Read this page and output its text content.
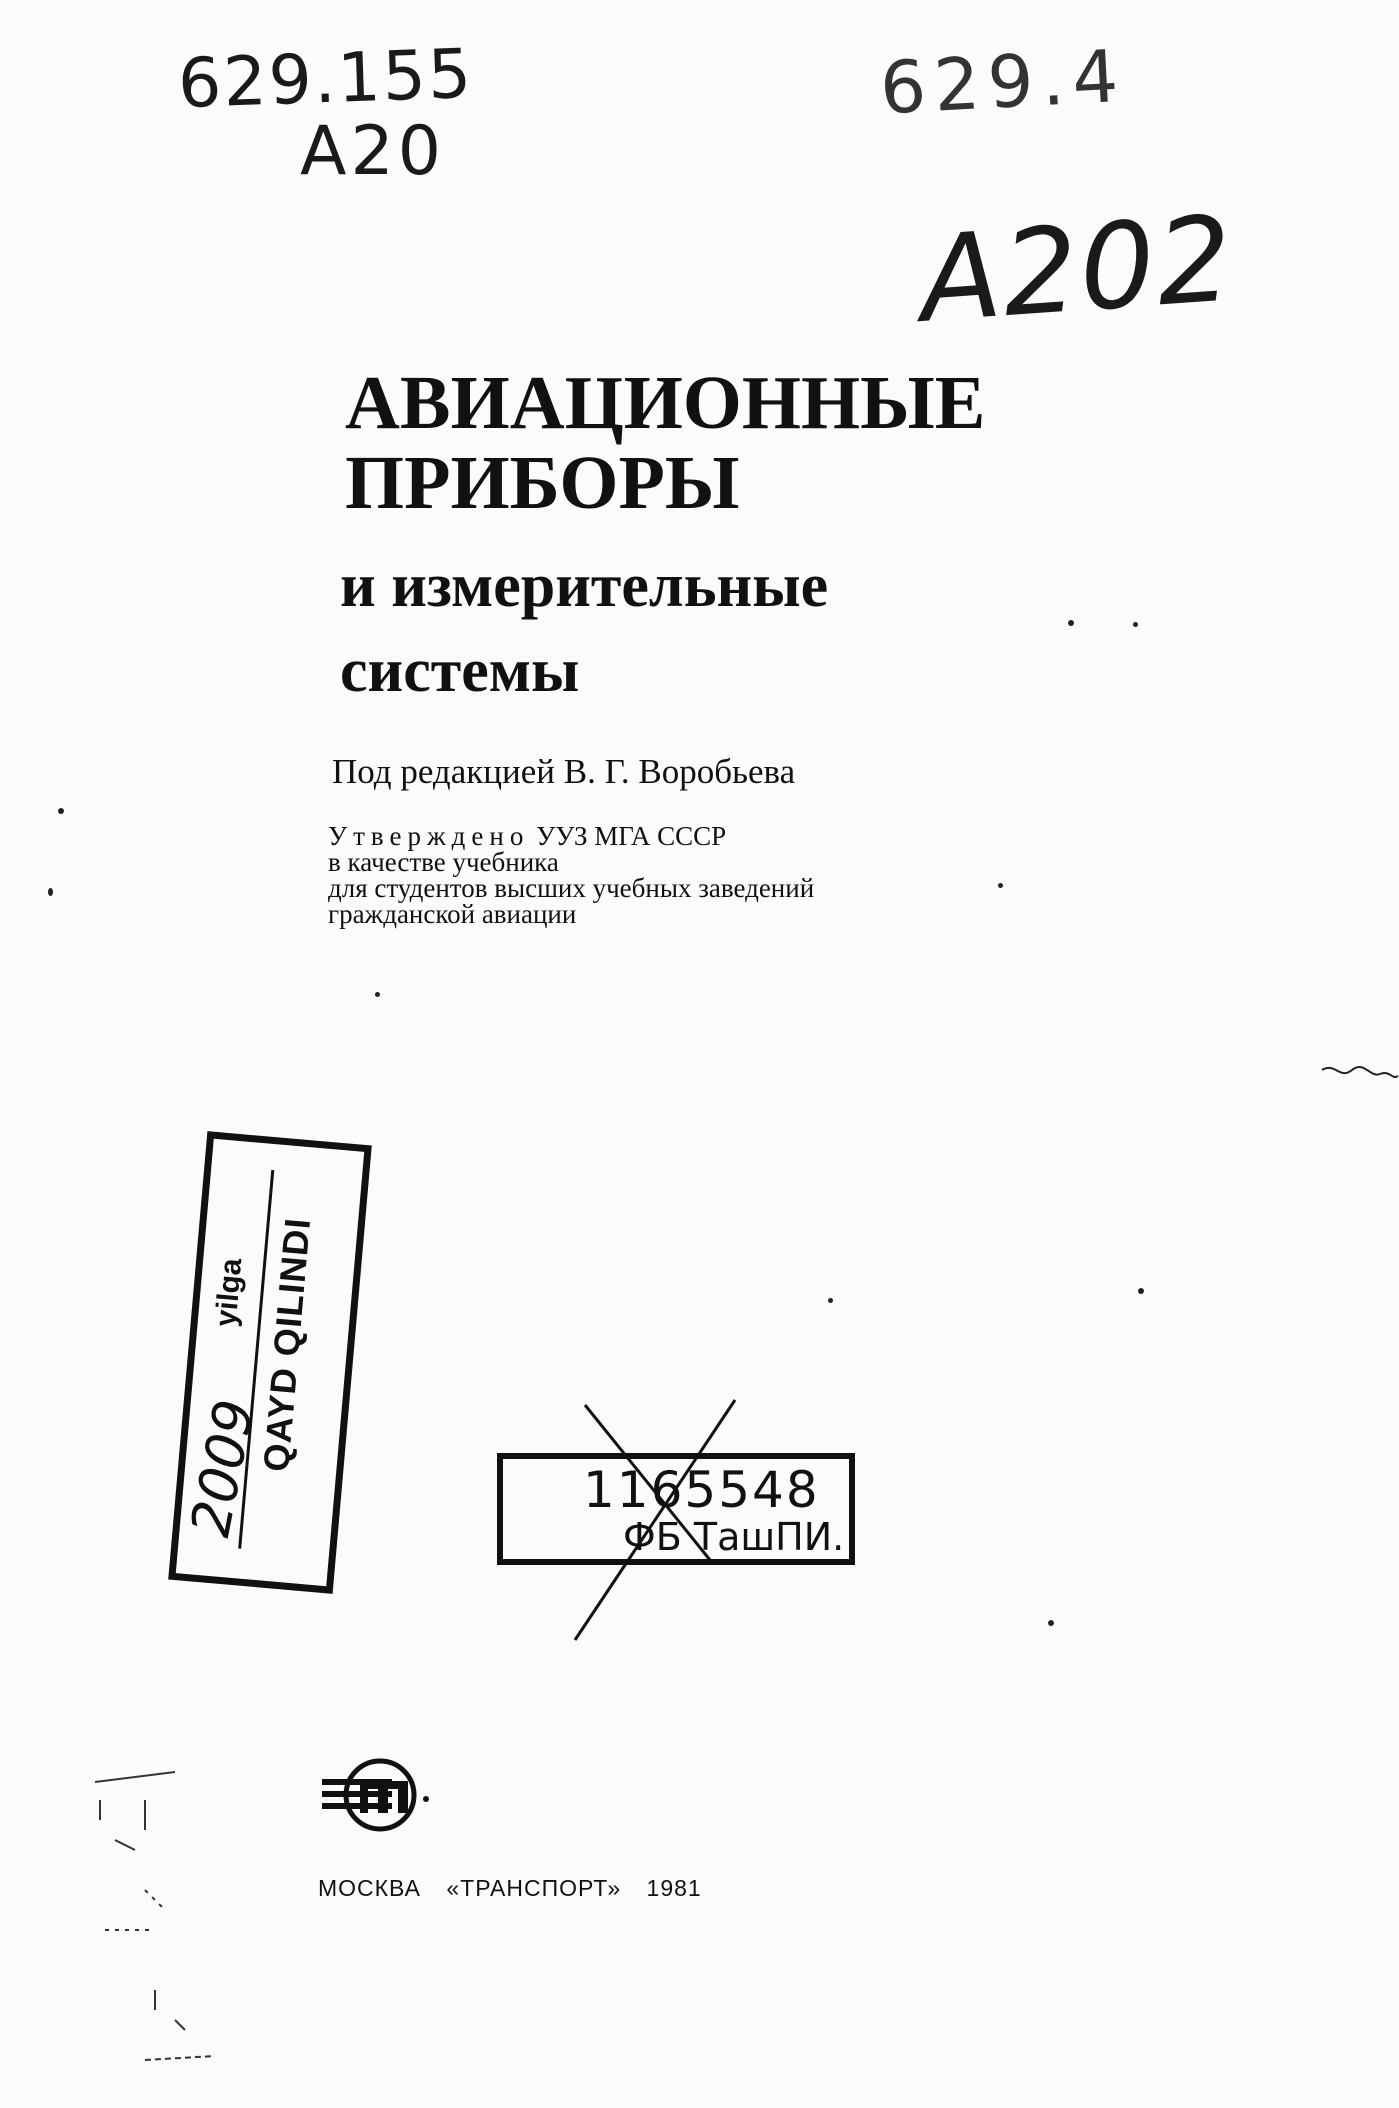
629.155
A20
629.4
A202
АВИАЦИОННЫЕ
ПРИБОРЫ
и измерительные
системы
Под редакцией В. Г. Воробьева
Утверждено УУЗ МГА СССР
в качестве учебника
для студентов высших учебных заведений
гражданской авиации
2009
yilga QAYD QILINDI
1165548
ФБ ТашПИ.
МОСКВА «ТРАНСПОРТ» 1981
